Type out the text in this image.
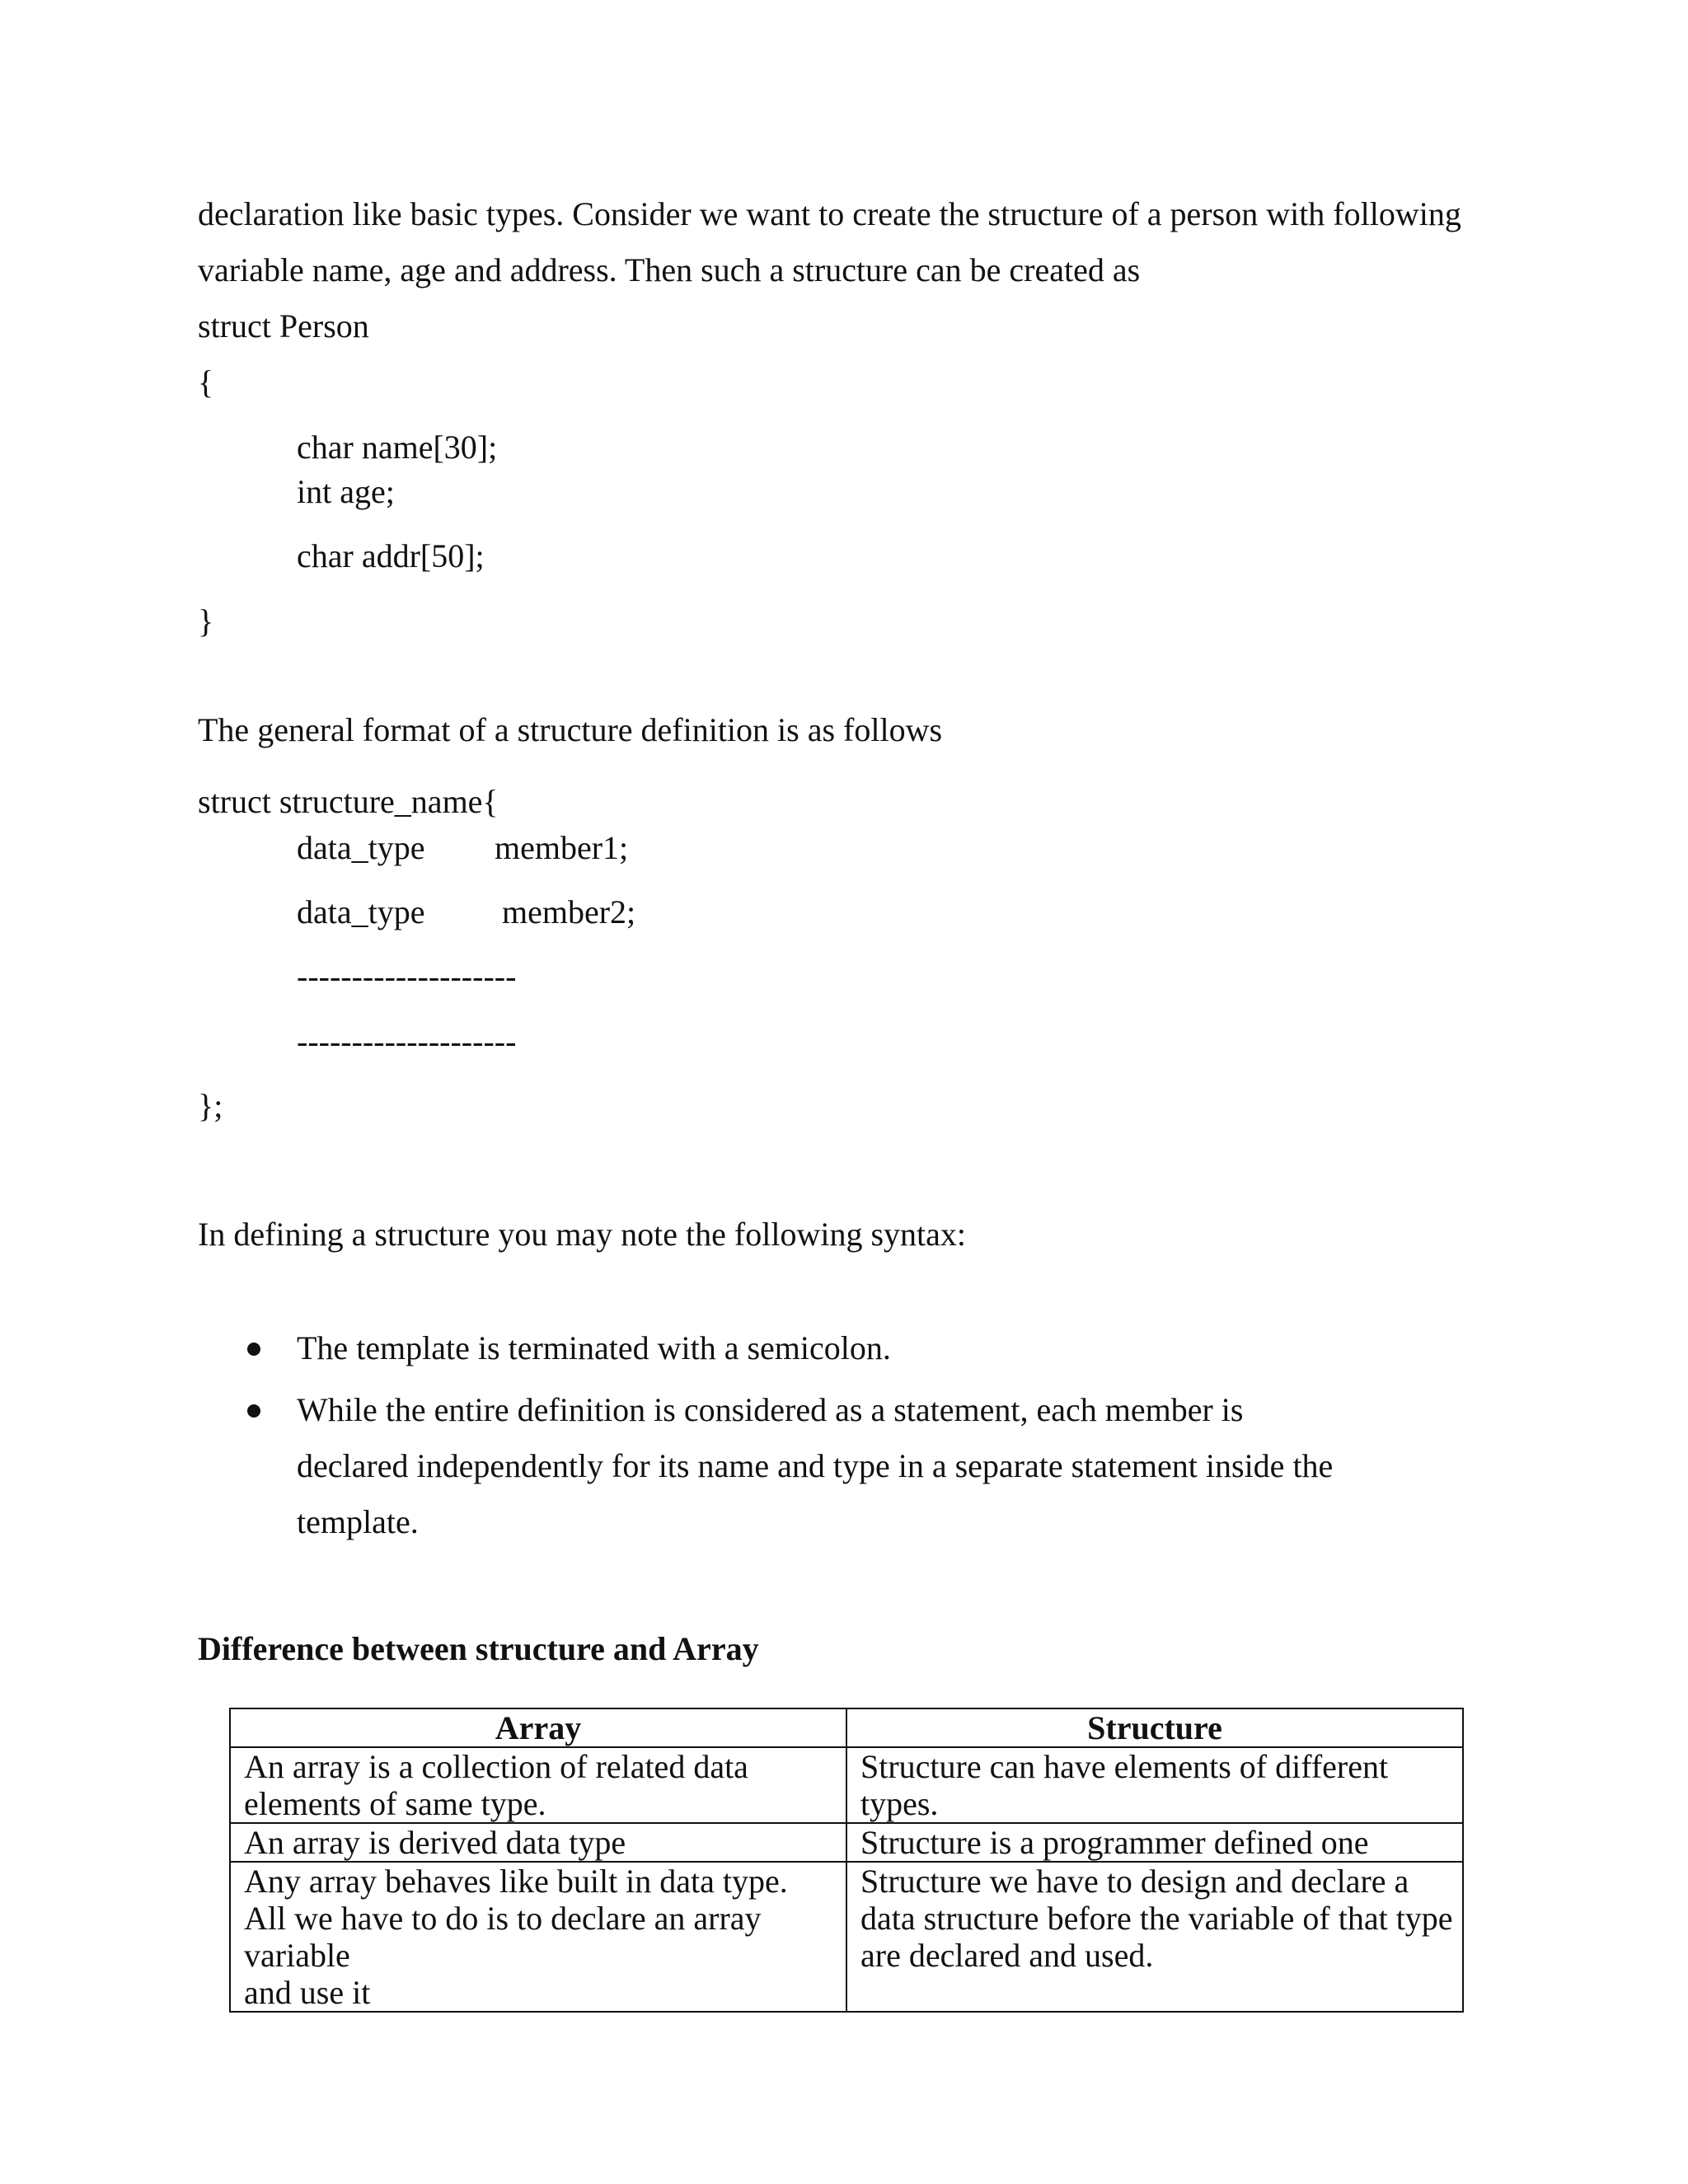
declaration like basic types. Consider we want to create the structure of a person with following
variable name, age and address. Then such a structure can be created as
struct Person
{
char name[30];
int age;
char addr[50];
}
The general format of a structure definition is as follows
struct structure_name{
data_type member1;
data_type member2;
--------------------
--------------------
};
In defining a structure you may note the following syntax:
The template is terminated with a semicolon.
While the entire definition is considered as a statement, each member is
declared independently for its name and type in a separate statement inside the
template.
Difference between structure and Array
Array	Structure

An array is a collection of related data
elements of same type.	Structure can have elements of different
types.

An array is derived data type	Structure is a programmer defined one

Any array behaves like built in data type.
All we have to do is to declare an array
variable
and use it	Structure we have to design and declare a
data structure before the variable of that type
are declared and used.
